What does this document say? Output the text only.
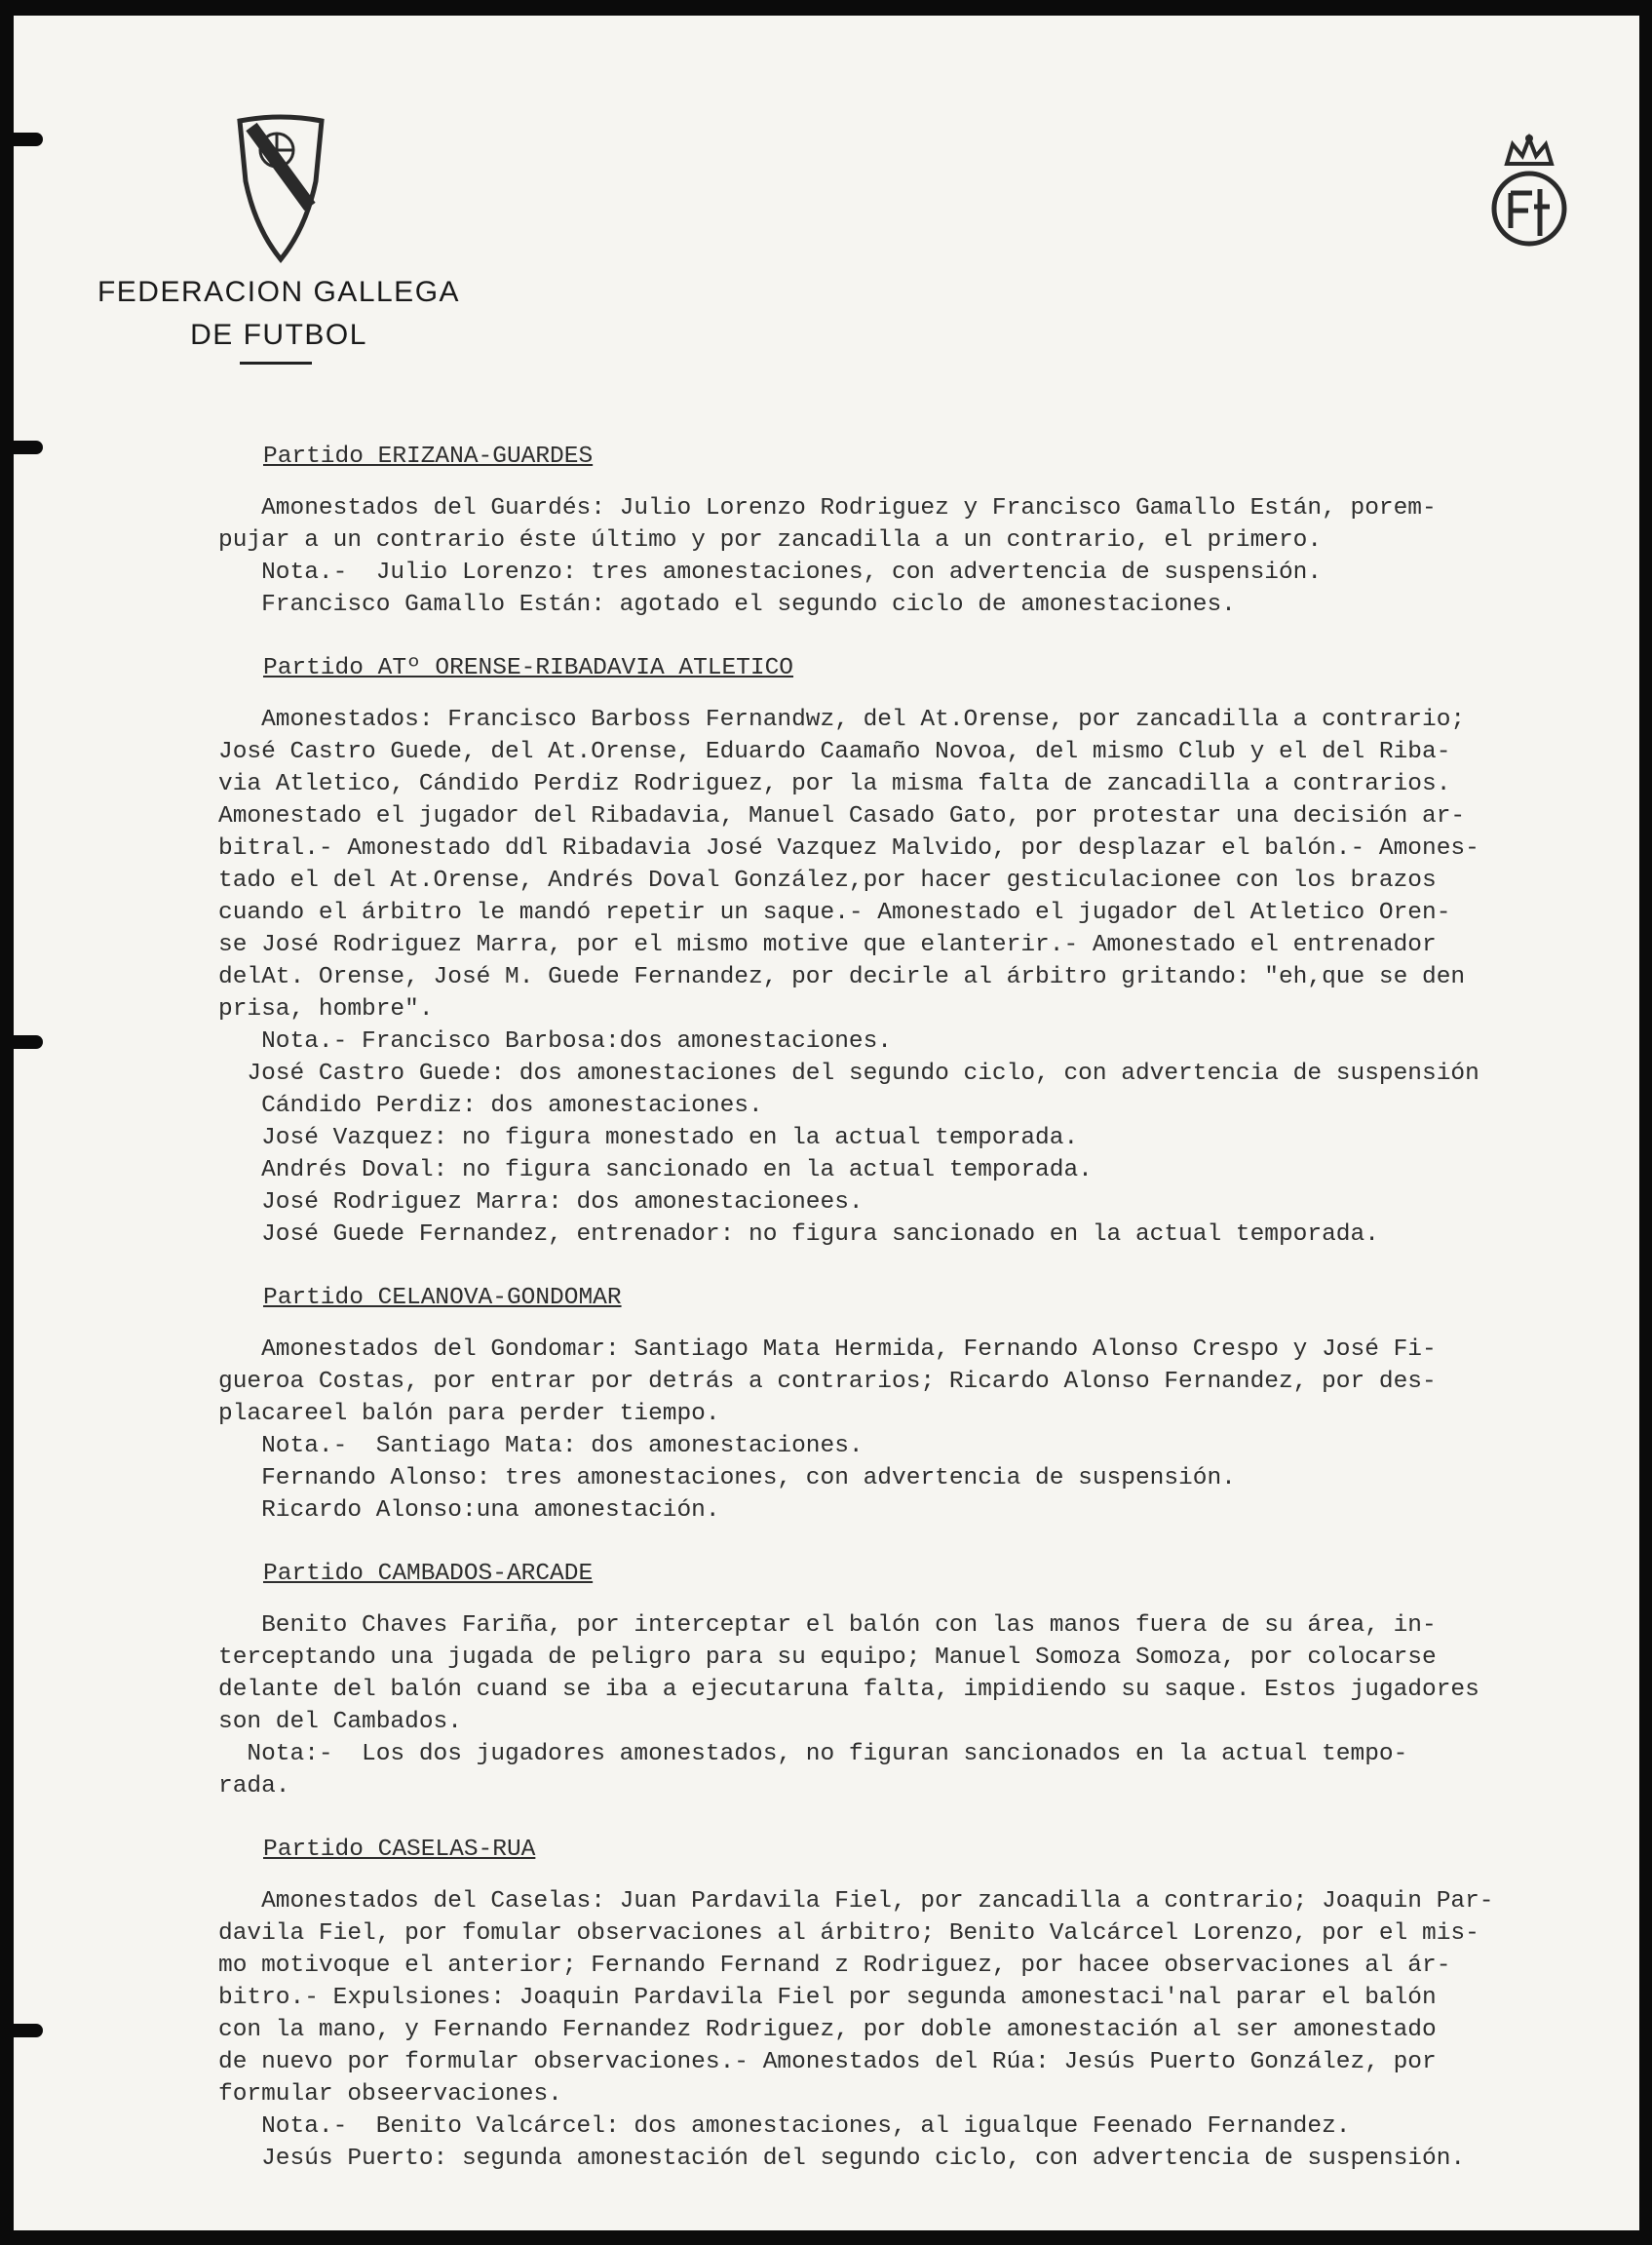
FEDERACION GALLEGA
DE FUTBOL
Partido ERIZANA-GUARDES
Amonestados del Guardés: Julio Lorenzo Rodriguez y Francisco Gamallo Están, porem-
pujar a un contrario éste último y por zancadilla a un contrario, el primero.
Nota.-  Julio Lorenzo: tres amonestaciones, con advertencia de suspensión.
Francisco Gamallo Están: agotado el segundo ciclo de amonestaciones.
Partido ATº ORENSE-RIBADAVIA ATLETICO
Amonestados: Francisco Barboss Fernandwz, del At.Orense, por zancadilla a contrario;
José Castro Guede, del At.Orense, Eduardo Caamaño Novoa, del mismo Club y el del Riba-
via Atletico, Cándido Perdiz Rodriguez, por la misma falta de zancadilla a contrarios.
Amonestado el jugador del Ribadavia, Manuel Casado Gato, por protestar una decisión ar-
bitral.- Amonestado ddl Ribadavia José Vazquez Malvido, por desplazar el balón.- Amones-
tado el del At.Orense, Andrés Doval González,por hacer gesticulacionee con los brazos
cuando el árbitro le mandó repetir un saque.- Amonestado el jugador del Atletico Oren-
se José Rodriguez Marra, por el mismo motive que elanterir.- Amonestado el entrenador
delAt. Orense, José M. Guede Fernandez, por decirle al árbitro gritando: "eh,que se den
prisa, hombre".
Nota.- Francisco Barbosa:dos amonestaciones.
José Castro Guede: dos amonestaciones del segundo ciclo, con advertencia de suspensión
Cándido Perdiz: dos amonestaciones.
José Vazquez: no figura monestado en la actual temporada.
Andrés Doval: no figura sancionado en la actual temporada.
José Rodriguez Marra: dos amonestacionees.
José Guede Fernandez, entrenador: no figura sancionado en la actual temporada.
Partido CELANOVA-GONDOMAR
Amonestados del Gondomar: Santiago Mata Hermida, Fernando Alonso Crespo y José Fi-
gueroa Costas, por entrar por detrás a contrarios; Ricardo Alonso Fernandez, por des-
placareel balón para perder tiempo.
Nota.-  Santiago Mata: dos amonestaciones.
Fernando Alonso: tres amonestaciones, con advertencia de suspensión.
Ricardo Alonso:una amonestación.
Partido CAMBADOS-ARCADE
Benito Chaves Fariña, por interceptar el balón con las manos fuera de su área, in-
terceptando una jugada de peligro para su equipo; Manuel Somoza Somoza, por colocarse
delante del balón cuand se iba a ejecutaruna falta, impidiendo su saque. Estos jugadores
son del Cambados.
Nota:-  Los dos jugadores amonestados, no figuran sancionados en la actual tempo-
rada.
Partido CASELAS-RUA
Amonestados del Caselas: Juan Pardavila Fiel, por zancadilla a contrario; Joaquin Par-
davila Fiel, por fomular observaciones al árbitro; Benito Valcárcel Lorenzo, por el mis-
mo motivoque el anterior; Fernando Fernand z Rodriguez, por hacee observaciones al ár-
bitro.- Expulsiones: Joaquin Pardavila Fiel por segunda amonestaci'nal parar el balón
con la mano, y Fernando Fernandez Rodriguez, por doble amonestación al ser amonestado
de nuevo por formular observaciones.- Amonestados del Rúa: Jesús Puerto González, por
formular obseervaciones.
Nota.-  Benito Valcárcel: dos amonestaciones, al igualque Feenado Fernandez.
Jesús Puerto: segunda amonestación del segundo ciclo, con advertencia de suspensión.
